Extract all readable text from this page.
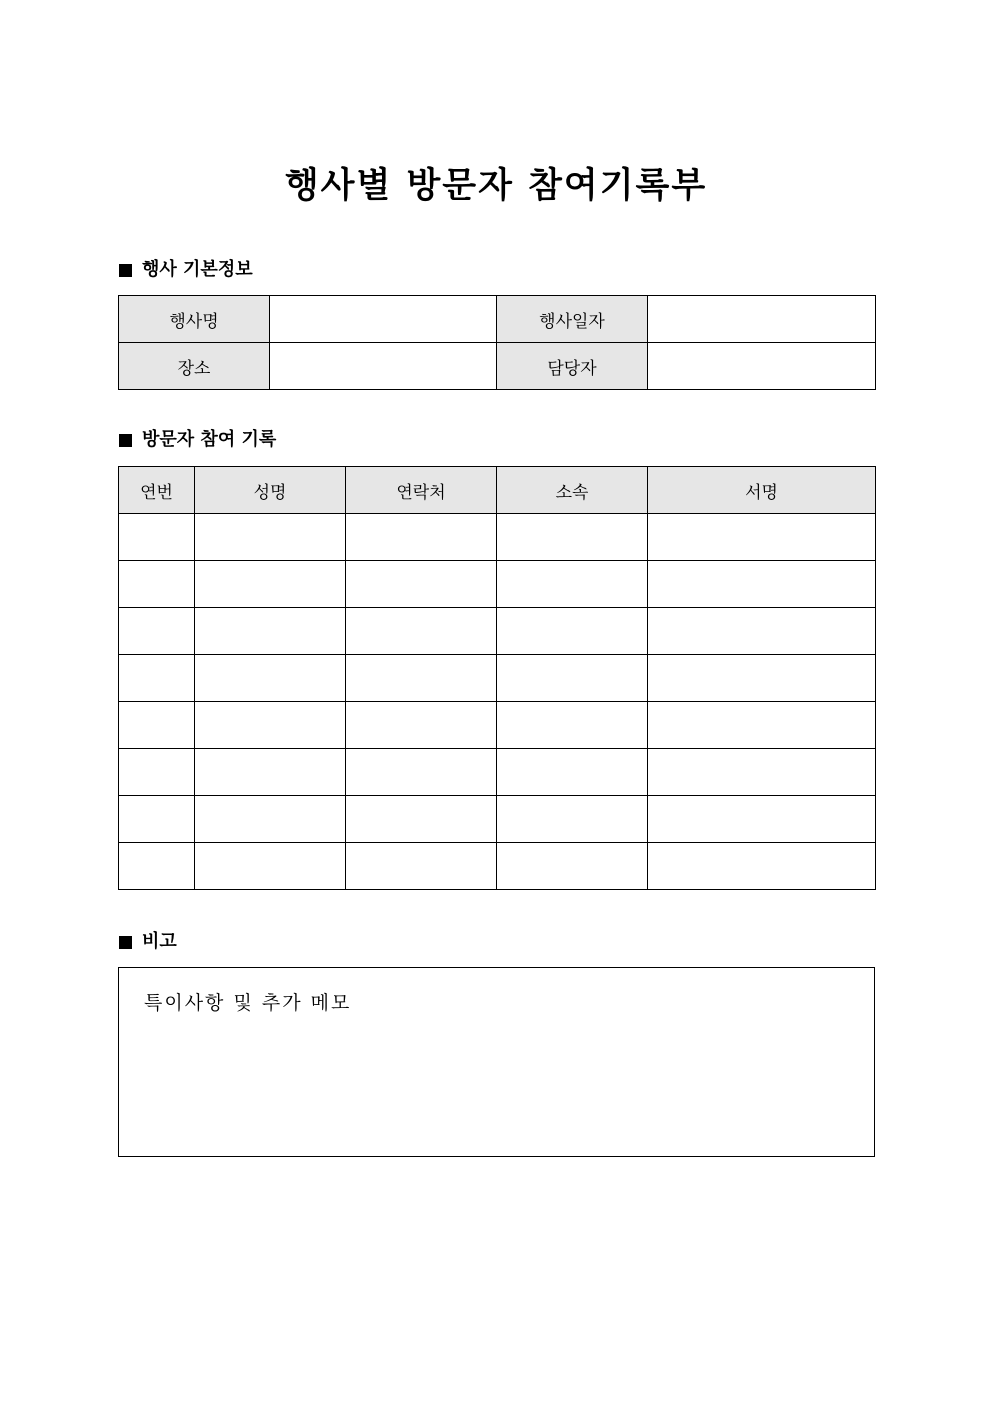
행사별 방문자 참여기록부
행사 기본정보
행사명		행사일자	
장소		담당자	
방문자 참여 기록
연번	성명	연락처	소속	서명

비고
특이사항 및 추가 메모
